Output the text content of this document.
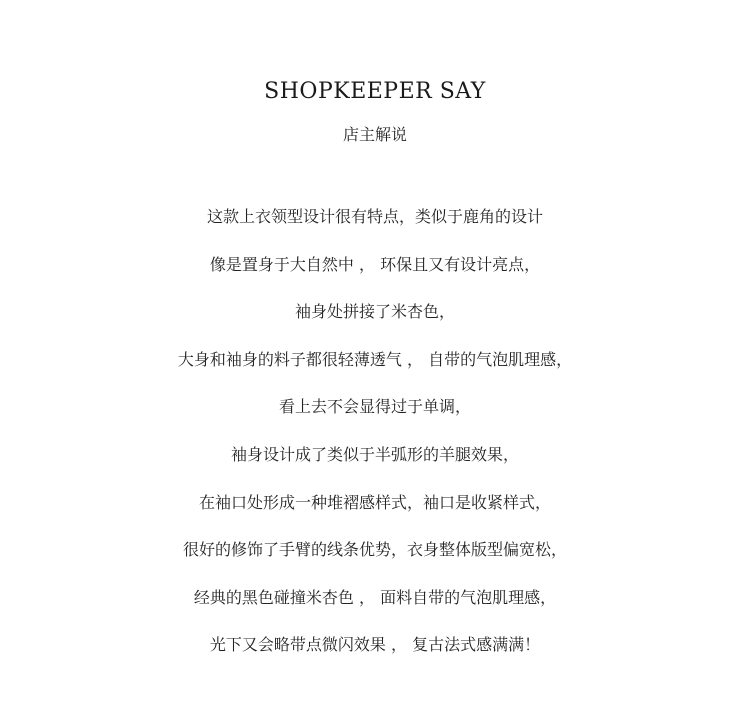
SHOPKEEPER SAY
店主解说
这款上衣领型设计很有特点，类似于鹿角的设计
像是置身于大自然中 ， 环保且又有设计亮点，
袖身处拼接了米杏色，
大身和袖身的料子都很轻薄透气 ， 自带的气泡肌理感，
看上去不会显得过于单调，
袖身设计成了类似于半弧形的羊腿效果，
在袖口处形成一种堆褶感样式，袖口是收紧样式，
很好的修饰了手臂的线条优势，衣身整体版型偏宽松，
经典的黑色碰撞米杏色 ， 面料自带的气泡肌理感，
光下又会略带点微闪效果 ， 复古法式感满满！
